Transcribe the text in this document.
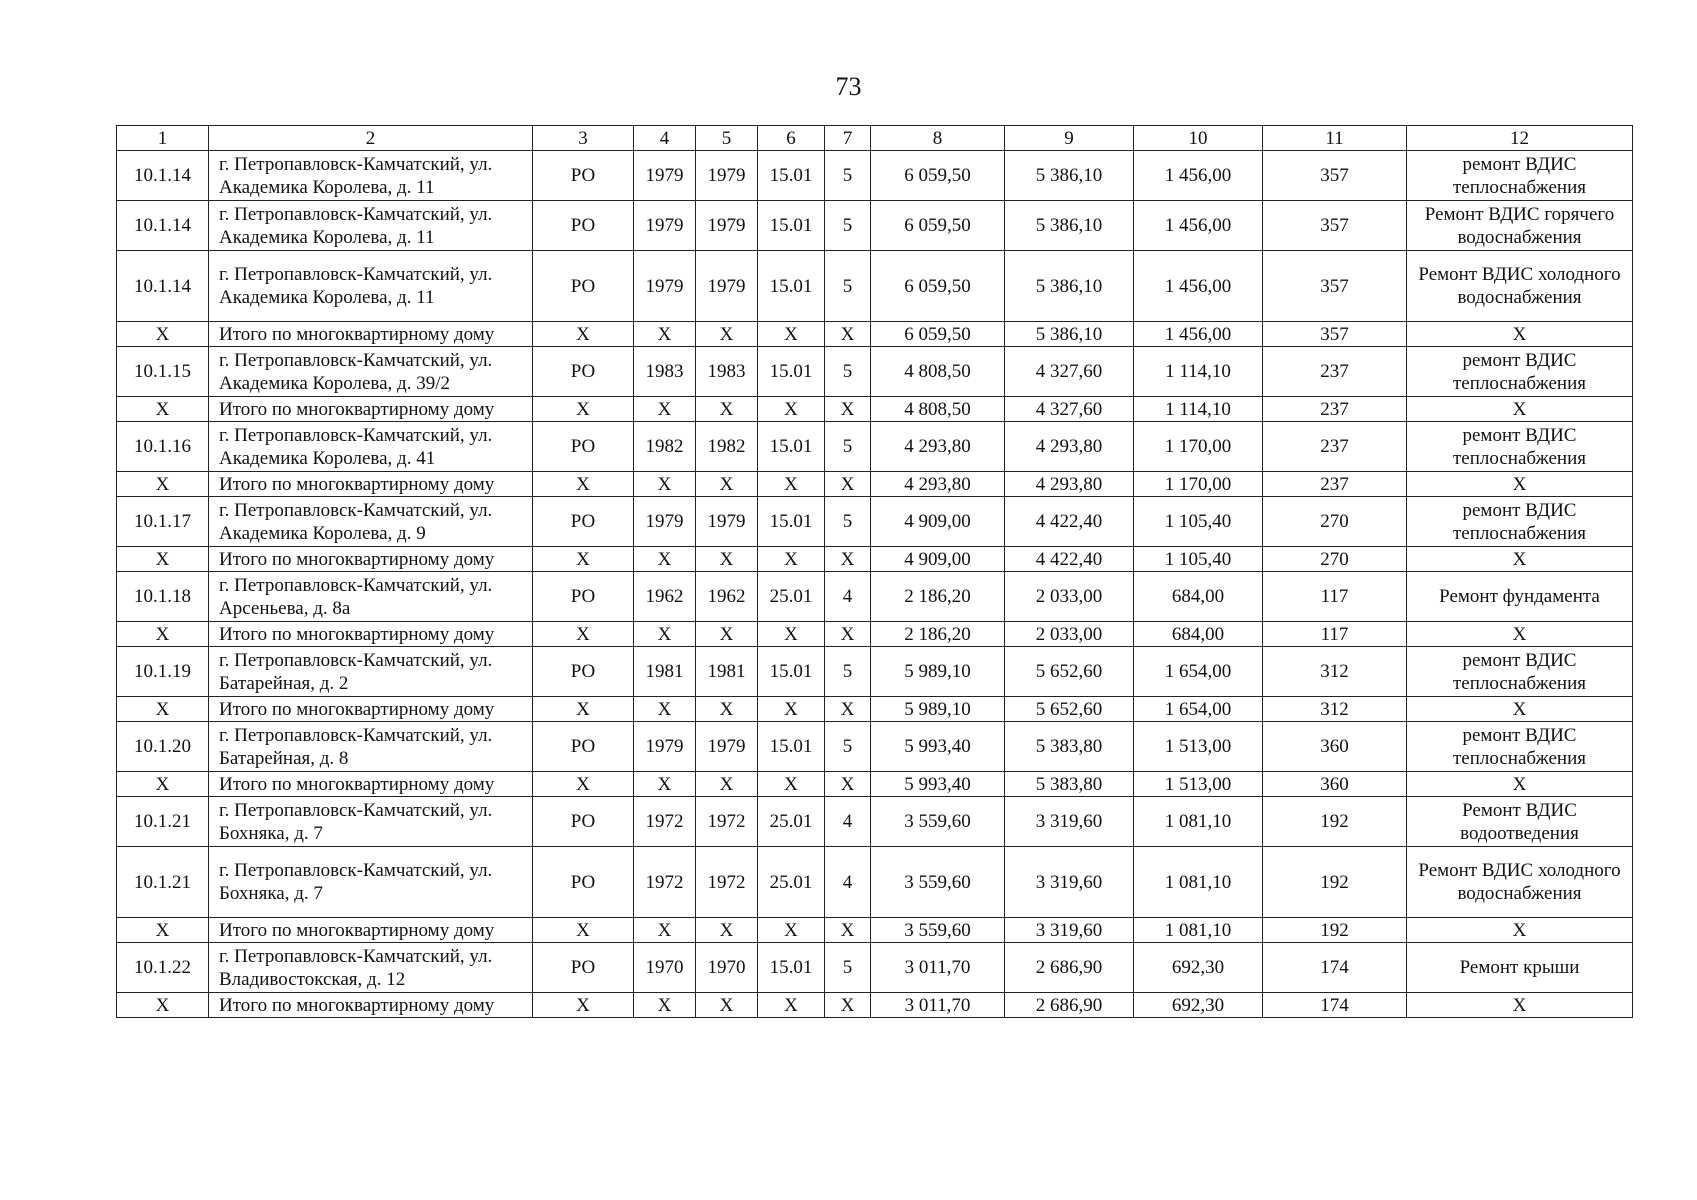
73
1	2	3	4	5	6	7	8	9	10	11	12
10.1.14	г. Петропавловск-Камчатский, ул. Академика Королева, д. 11	РО	1979	1979	15.01	5	6 059,50	5 386,10	1 456,00	357	ремонт ВДИС теплоснабжения
10.1.14	г. Петропавловск-Камчатский, ул. Академика Королева, д. 11	РО	1979	1979	15.01	5	6 059,50	5 386,10	1 456,00	357	Ремонт ВДИС горячего водоснабжения
10.1.14	г. Петропавловск-Камчатский, ул. Академика Королева, д. 11	РО	1979	1979	15.01	5	6 059,50	5 386,10	1 456,00	357	Ремонт ВДИС холодного водоснабжения
Х	Итого по многоквартирному дому	Х	Х	Х	Х	Х	6 059,50	5 386,10	1 456,00	357	Х
10.1.15	г. Петропавловск-Камчатский, ул. Академика Королева, д. 39/2	РО	1983	1983	15.01	5	4 808,50	4 327,60	1 114,10	237	ремонт ВДИС теплоснабжения
Х	Итого по многоквартирному дому	Х	Х	Х	Х	Х	4 808,50	4 327,60	1 114,10	237	Х
10.1.16	г. Петропавловск-Камчатский, ул. Академика Королева, д. 41	РО	1982	1982	15.01	5	4 293,80	4 293,80	1 170,00	237	ремонт ВДИС теплоснабжения
Х	Итого по многоквартирному дому	Х	Х	Х	Х	Х	4 293,80	4 293,80	1 170,00	237	Х
10.1.17	г. Петропавловск-Камчатский, ул. Академика Королева, д. 9	РО	1979	1979	15.01	5	4 909,00	4 422,40	1 105,40	270	ремонт ВДИС теплоснабжения
Х	Итого по многоквартирному дому	Х	Х	Х	Х	Х	4 909,00	4 422,40	1 105,40	270	Х
10.1.18	г. Петропавловск-Камчатский, ул. Арсеньева, д. 8а	РО	1962	1962	25.01	4	2 186,20	2 033,00	684,00	117	Ремонт фундамента
Х	Итого по многоквартирному дому	Х	Х	Х	Х	Х	2 186,20	2 033,00	684,00	117	Х
10.1.19	г. Петропавловск-Камчатский, ул. Батарейная, д. 2	РО	1981	1981	15.01	5	5 989,10	5 652,60	1 654,00	312	ремонт ВДИС теплоснабжения
Х	Итого по многоквартирному дому	Х	Х	Х	Х	Х	5 989,10	5 652,60	1 654,00	312	Х
10.1.20	г. Петропавловск-Камчатский, ул. Батарейная, д. 8	РО	1979	1979	15.01	5	5 993,40	5 383,80	1 513,00	360	ремонт ВДИС теплоснабжения
Х	Итого по многоквартирному дому	Х	Х	Х	Х	Х	5 993,40	5 383,80	1 513,00	360	Х
10.1.21	г. Петропавловск-Камчатский, ул. Бохняка, д. 7	РО	1972	1972	25.01	4	3 559,60	3 319,60	1 081,10	192	Ремонт ВДИС водоотведения
10.1.21	г. Петропавловск-Камчатский, ул. Бохняка, д. 7	РО	1972	1972	25.01	4	3 559,60	3 319,60	1 081,10	192	Ремонт ВДИС холодного водоснабжения
Х	Итого по многоквартирному дому	Х	Х	Х	Х	Х	3 559,60	3 319,60	1 081,10	192	Х
10.1.22	г. Петропавловск-Камчатский, ул. Владивостокская, д. 12	РО	1970	1970	15.01	5	3 011,70	2 686,90	692,30	174	Ремонт крыши
Х	Итого по многоквартирному дому	Х	Х	Х	Х	Х	3 011,70	2 686,90	692,30	174	Х
